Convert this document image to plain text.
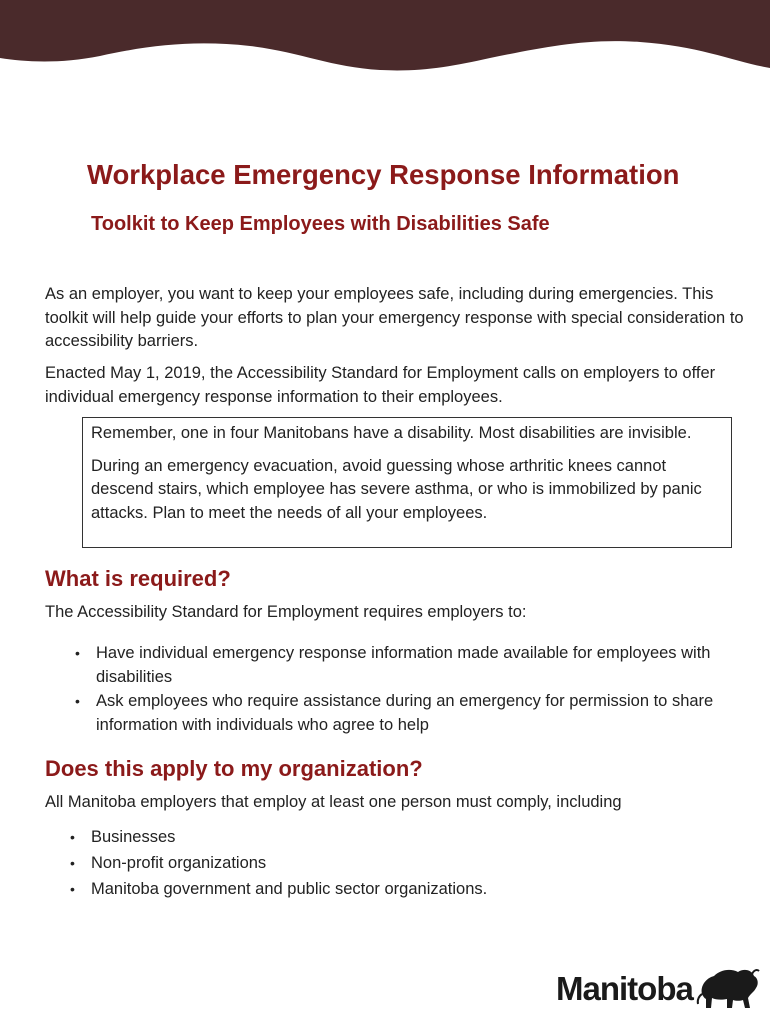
Workplace Emergency Response Information
Toolkit to Keep Employees with Disabilities Safe

As an employer, you want to keep your employees safe, including during emergencies. This toolkit will help guide your efforts to plan your emergency response with special consideration to accessibility barriers.

Enacted May 1, 2019, the Accessibility Standard for Employment calls on employers to offer individual emergency response information to their employees.

Remember, one in four Manitobans have a disability. Most disabilities are invisible.

During an emergency evacuation, avoid guessing whose arthritic knees cannot descend stairs, which employee has severe asthma, or who is immobilized by panic attacks. Plan to meet the needs of all your employees.

What is required?

The Accessibility Standard for Employment requires employers to:

• Have individual emergency response information made available for employees with disabilities
• Ask employees who require assistance during an emergency for permission to share information with individuals who agree to help
Does this apply to my organization?

All Manitoba employers that employ at least one person must comply, including

• Businesses
• Non-profit organizations
• Manitoba government and public sector organizations.
Manitoba
